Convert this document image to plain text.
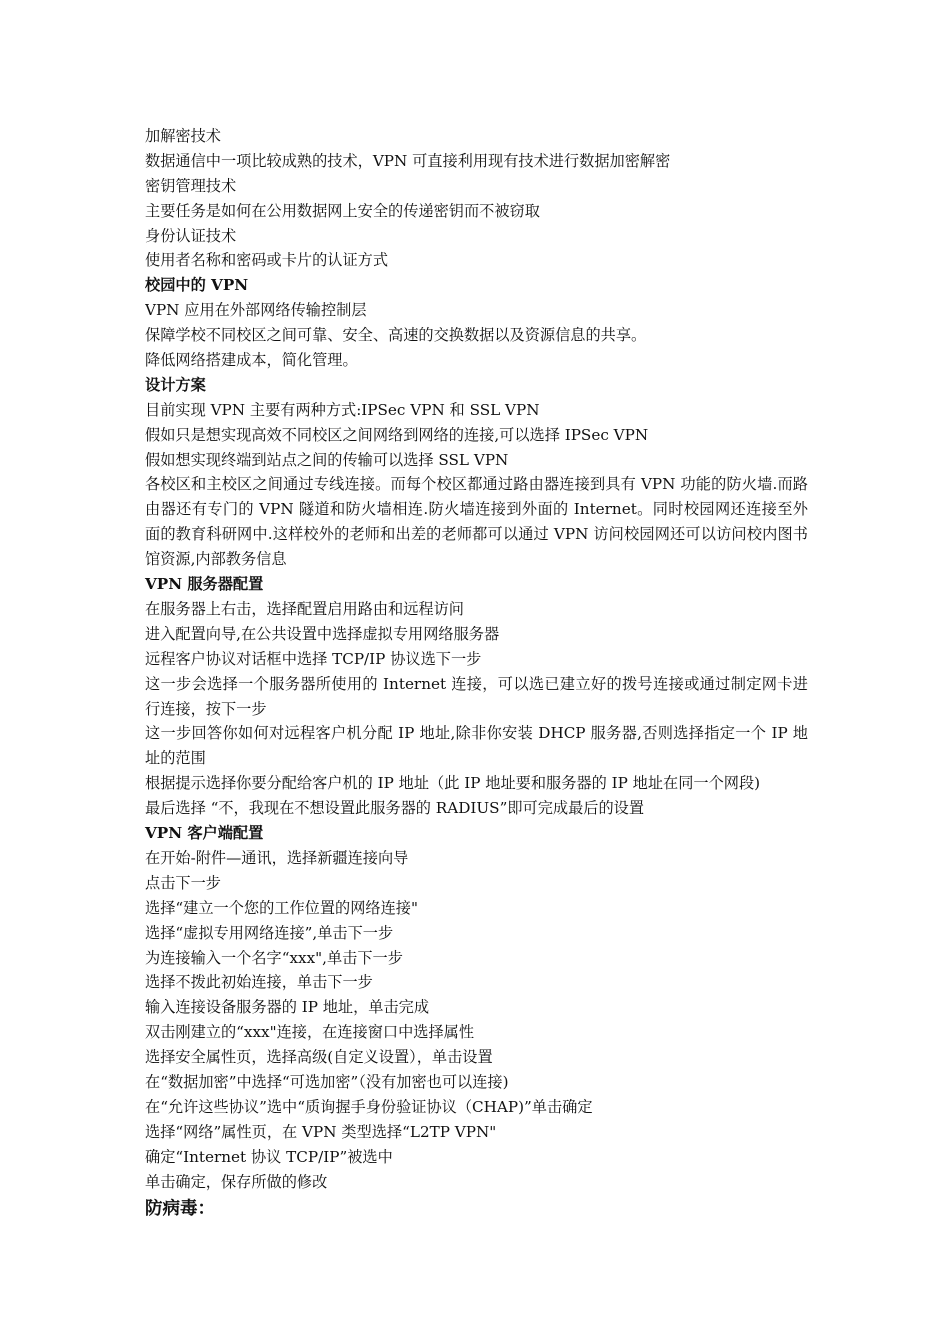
加解密技术
数据通信中一项比较成熟的技术，VPN 可直接利用现有技术进行数据加密解密
密钥管理技术
主要任务是如何在公用数据网上安全的传递密钥而不被窃取
身份认证技术
使用者名称和密码或卡片的认证方式
校园中的 VPN
VPN 应用在外部网络传输控制层
保障学校不同校区之间可靠、安全、高速的交换数据以及资源信息的共享。
降低网络搭建成本，简化管理。
设计方案
目前实现 VPN 主要有两种方式:IPSec VPN 和 SSL VPN
假如只是想实现高效不同校区之间网络到网络的连接,可以选择 IPSec VPN
假如想实现终端到站点之间的传输可以选择 SSL VPN
各校区和主校区之间通过专线连接。而每个校区都通过路由器连接到具有 VPN 功能的防火墙.而路由器还有专门的 VPN 隧道和防火墙相连.防火墙连接到外面的 Internet。同时校园网还连接至外面的教育科研网中.这样校外的老师和出差的老师都可以通过 VPN 访问校园网还可以访问校内图书馆资源,内部教务信息
VPN 服务器配置
在服务器上右击，选择配置启用路由和远程访问
进入配置向导,在公共设置中选择虚拟专用网络服务器
远程客户协议对话框中选择 TCP/IP 协议选下一步
这一步会选择一个服务器所使用的 Internet 连接，可以选已建立好的拨号连接或通过制定网卡进行连接，按下一步
这一步回答你如何对远程客户机分配 IP 地址,除非你安装 DHCP 服务器,否则选择指定一个 IP 地址的范围
根据提示选择你要分配给客户机的 IP 地址（此 IP 地址要和服务器的 IP 地址在同一个网段)
最后选择 “不，我现在不想设置此服务器的 RADIUS”即可完成最后的设置
VPN 客户端配置
在开始-附件—通讯，选择新疆连接向导
点击下一步
选择“建立一个您的工作位置的网络连接"
选择“虚拟专用网络连接”,单击下一步
为连接输入一个名字“xxx",单击下一步
选择不拨此初始连接，单击下一步
输入连接设备服务器的 IP 地址，单击完成
双击刚建立的“xxx"连接，在连接窗口中选择属性
选择安全属性页，选择高级(自定义设置），单击设置
在“数据加密”中选择“可选加密”（没有加密也可以连接)
在“允许这些协议”选中“质询握手身份验证协议（CHAP)”单击确定
选择“网络”属性页，在 VPN 类型选择“L2TP VPN"
确定“Internet 协议 TCP/IP”被选中
单击确定，保存所做的修改
防病毒：
